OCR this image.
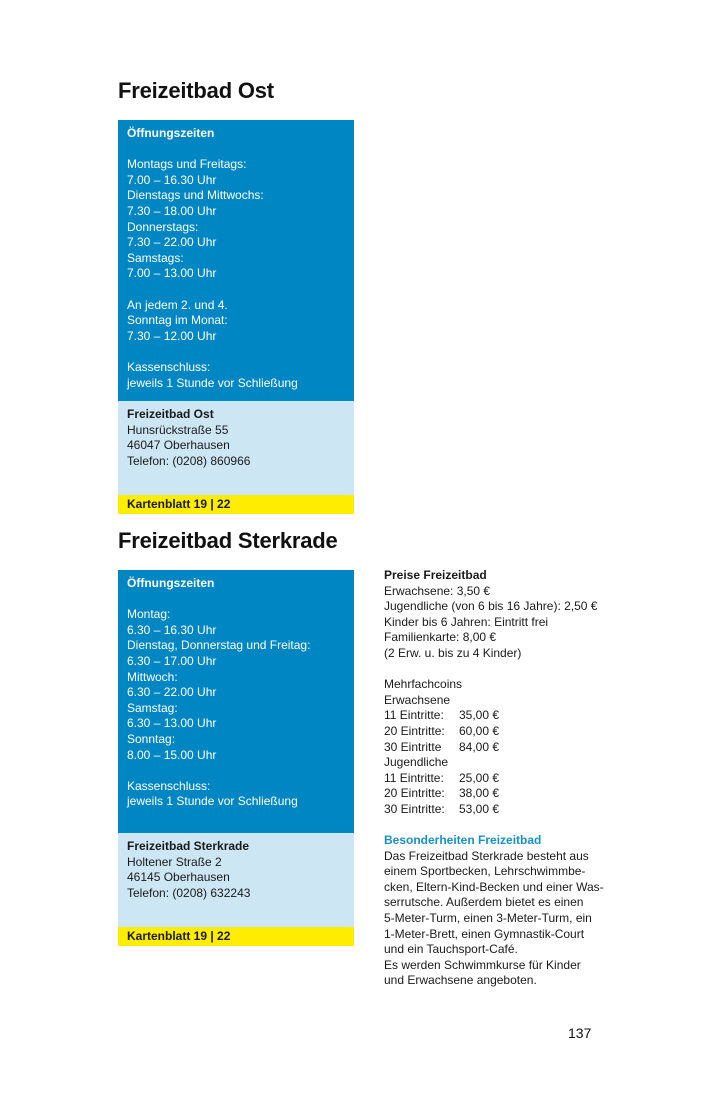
Freizeitbad Ost
Öffnungszeiten
Montags und Freitags:
7.00 – 16.30 Uhr
Dienstags und Mittwochs:
7.30 – 18.00 Uhr
Donnerstags:
7.30 – 22.00 Uhr
Samstags:
7.00 – 13.00 Uhr
An jedem 2. und 4.
Sonntag im Monat:
7.30 – 12.00 Uhr
Kassenschluss:
jeweils 1 Stunde vor Schließung
Freizeitbad Ost
Hunsrückstraße 55
46047 Oberhausen
Telefon: (0208) 860966
Kartenblatt 19 | 22
Freizeitbad Sterkrade
Öffnungszeiten
Montag:
6.30 – 16.30 Uhr
Dienstag, Donnerstag und Freitag:
6.30 – 17.00 Uhr
Mittwoch:
6.30 – 22.00 Uhr
Samstag:
6.30 – 13.00 Uhr
Sonntag:
8.00 – 15.00 Uhr
Kassenschluss:
jeweils 1 Stunde vor Schließung
Freizeitbad Sterkrade
Holtener Straße 2
46145 Oberhausen
Telefon: (0208) 632243
Kartenblatt 19 | 22
Preise Freizeitbad
Erwachsene: 3,50 €
Jugendliche (von 6 bis 16 Jahre): 2,50 €
Kinder bis 6 Jahren: Eintritt frei
Familienkarte: 8,00 €
(2 Erw. u. bis zu 4 Kinder)
Mehrfachcoins
Erwachsene
11 Eintritte:	35,00 €
20 Eintritte:	60,00 €
30 Eintritte	84,00 €
Jugendliche
11 Eintritte:	25,00 €
20 Eintritte:	38,00 €
30 Eintritte:	53,00 €
Besonderheiten Freizeitbad
Das Freizeitbad Sterkrade besteht aus
einem Sportbecken, Lehrschwimmbe-
cken, Eltern-Kind-Becken und einer Was-
serrutsche. Außerdem bietet es einen
5-Meter-Turm, einen 3-Meter-Turm, ein
1-Meter-Brett, einen Gymnastik-Court
und ein Tauchsport-Café.
Es werden Schwimmkurse für Kinder
und Erwachsene angeboten.
137
